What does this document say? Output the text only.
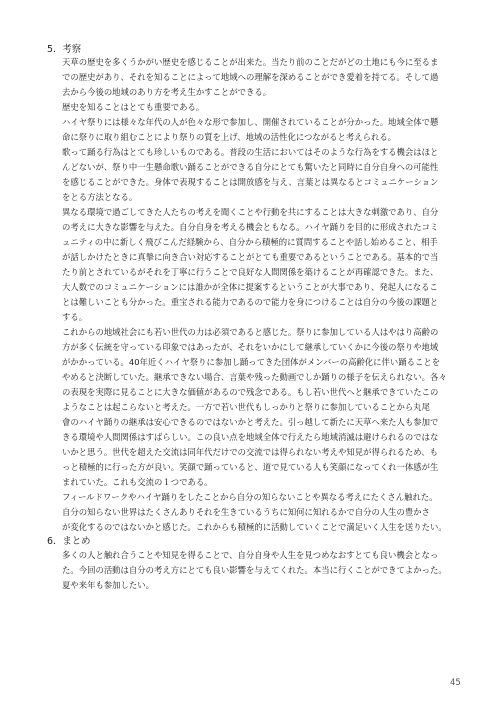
5．考察
天草の歴史を多くうかがい歴史を感じることが出来た。当たり前のことだがどの土地にも今に至るま
での歴史があり、それを知ることによって地域への理解を深めることができ愛着を持てる。そして過
去から今後の地域のあり方を考え生かすことができる。
歴史を知ることはとても重要である。
ハイヤ祭りには様々な年代の人が色々な形で参加し、開催されていることが分かった。地域全体で懸
命に祭りに取り組むことにより祭りの質を上げ、地域の活性化につながると考えられる。
歌って踊る行為はとても珍しいものである。普段の生活においてはそのような行為をする機会はほと
んどないが、祭り中一生懸命歌い踊ることができる自分にとても驚いたと同時に自分自身への可能性
を感じることができた。身体で表現することは開放感を与え、言葉とは異なるとコミュニケーション
をとる方法となる。
異なる環境で過ごしてきた人たちの考えを聞くことや行動を共にすることは大きな刺激であり、自分
の考えに大きな影響を与えた。自分自身を考える機会ともなる。ハイヤ踊りを目的に形成されたコミ
ュニティの中に新しく飛びこんだ経験から、自分から積極的に質問することや話し始めること、相手
が話しかけたときに真摯に向き合い対応することがとても重要であるということである。基本的で当
たり前とされているがそれを丁寧に行うことで良好な人間関係を築けることが再確認できた。また、
大人数でのコミュニケーションには誰かが全体に提案するということが大事であり、発起人になるこ
とは難しいことも分かった。重宝される能力であるので能力を身につけることは自分の今後の課題と
する。
これからの地域社会にも若い世代の力は必須であると感じた。祭りに参加している人はやはり高齢の
方が多く伝統を守っている印象ではあったが、それをいかにして継承していくかに今後の祭りや地域
がかかっている。40年近くハイヤ祭りに参加し踊ってきた団体がメンバーの高齢化に伴い踊ることを
やめると決断していた。継承できない場合、言葉や残った動画でしか踊りの様子を伝えられない。各々
の表現を実際に見ることに大きな価値があるので残念である。もし若い世代へと継承できていたこの
ようなことは起こらないと考えた。一方で若い世代もしっかりと祭りに参加していることから丸尾
會のハイヤ踊りの継承は安心できるのではないかと考えた。引っ越して新たに天草へ来た人も参加で
きる環境や人間関係はすばらしい。この良い点を地域全体で行えたら地域消滅は避けられるのではな
いかと思う。世代を超えた交流は同年代だけでの交流では得られない考えや知見が得られるため、も
っと積極的に行った方が良い。笑顔で踊っていると、道で見ている人も笑顔になってくれ一体感が生
まれていた。これも交流の１つである。
フィールドワークやハイヤ踊りをしたことから自分の知らないことや異なる考えにたくさん触れた。
自分の知らない世界はたくさんありそれを生きているうちに知何に知れるかで自分の人生の豊かさ
が変化するのではないかと感じた。これからも積極的に活動していくことで満足いく人生を送りたい。
6．まとめ
多くの人と触れ合うことや知見を得ることで、自分自身や人生を見つめなおすとても良い機会となっ
た。今回の活動は自分の考え方にとても良い影響を与えてくれた。本当に行くことができてよかった。
夏や来年も参加したい。
45
